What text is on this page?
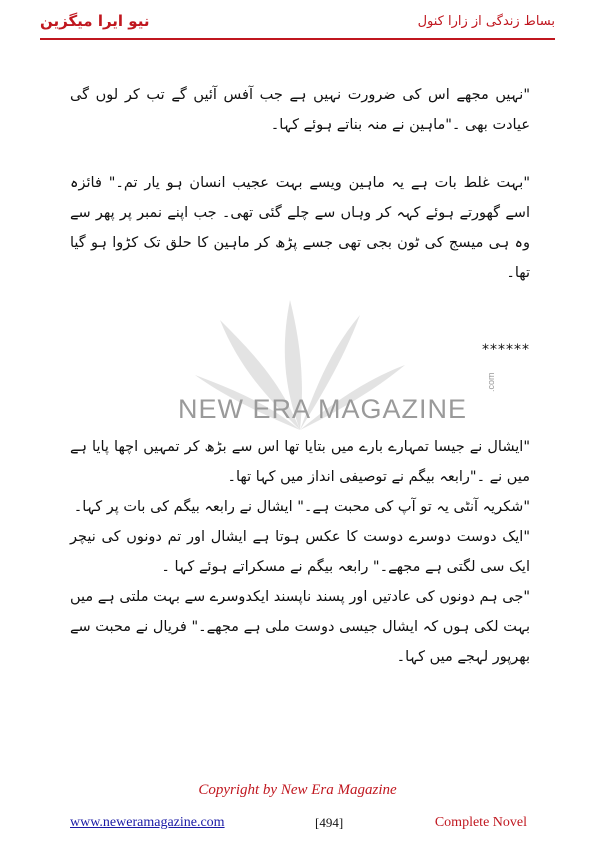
نیو ایرا میگزین	بساط زندگی از زارا کنول

"نہیں مجھے اس کی ضرورت نہیں ہے جب آفس آئیں گے تب کر لوں گی عیادت بھی ۔"ماہین نے منہ بناتے ہوئے کہا۔

"بہت غلط بات ہے یہ ماہین ویسے بہت عجیب انسان ہو یار تم۔" فائزہ اسے گھورتے ہوئے کہہ کر وہاں سے چلے گئی تھی۔ جب اپنے نمبر پر پھر سے وہ ہی میسج کی ٹون بجی تھی جسے پڑھ کر ماہین کا حلق تک کڑوا ہو گیا تھا۔

******
NEW ERA MAGAZINE
.com

"ایشال نے جیسا تمہارے بارے میں بتایا تھا اس سے بڑھ کر تمہیں اچھا پایا ہے میں نے ۔"رابعہ بیگم نے توصیفی انداز میں کہا تھا۔

"شکریہ آنٹی یہ تو آپ کی محبت ہے۔" ایشال نے رابعہ بیگم کی بات پر کہا۔

"ایک دوست دوسرے دوست کا عکس ہوتا ہے ایشال اور تم دونوں کی نیچر ایک سی لگتی ہے مجھے۔" رابعہ بیگم نے مسکراتے ہوئے کہا ۔

"جی ہم دونوں کی عادتیں اور پسند ناپسند ایکدوسرے سے بہت ملتی ہے میں بہت لکی ہوں کہ ایشال جیسی دوست ملی ہے مجھے۔" فریال نے محبت سے بھرپور لہجے میں کہا۔

Copyright by New Era Magazine
www.neweramagazine.com	[494]	Complete Novel
